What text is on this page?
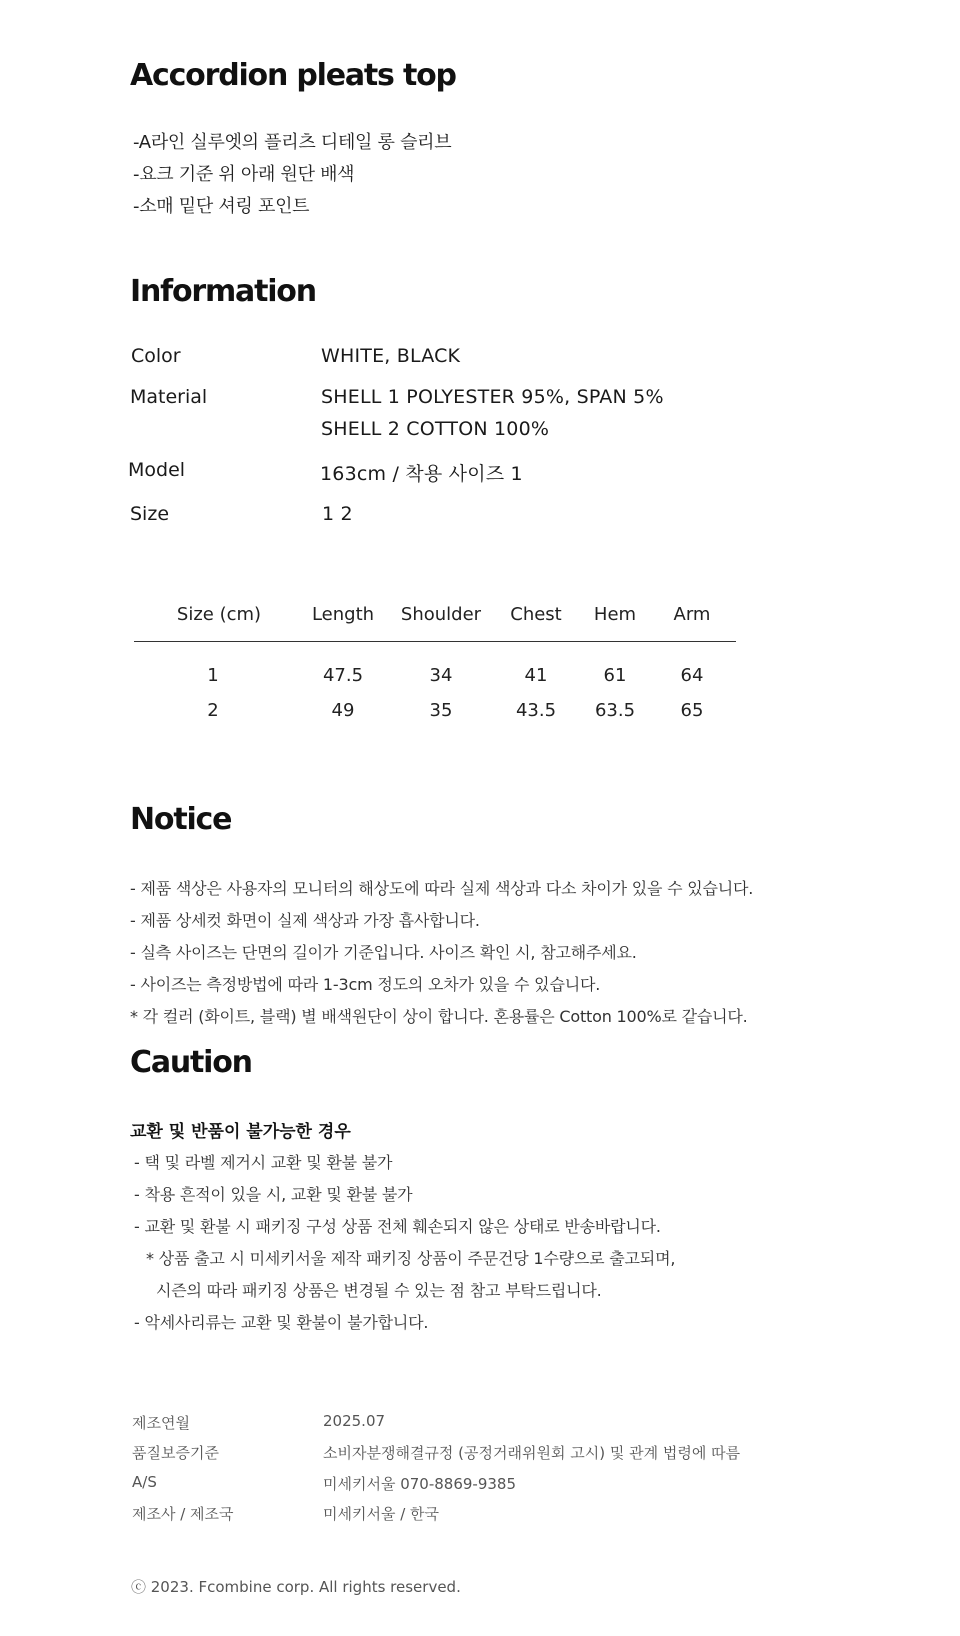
Accordion pleats top
-A라인 실루엣의 플리츠 디테일 롱 슬리브
-요크 기준 위 아래 원단 배색
-소매 밑단 셔링 포인트
Information
Color	WHITE, BLACK
Material	SHELL 1 POLYESTER 95%, SPAN 5%
SHELL 2 COTTON 100%
Model	163cm / 착용 사이즈 1
Size	1 2
Size (cm)	Length	Shoulder	Chest	Hem	Arm
1	47.5	34	41	61	64
2	49	35	43.5	63.5	65
Notice
- 제품 색상은 사용자의 모니터의 해상도에 따라 실제 색상과 다소 차이가 있을 수 있습니다.
- 제품 상세컷 화면이 실제 색상과 가장 흡사합니다.
- 실측 사이즈는 단면의 길이가 기준입니다. 사이즈 확인 시, 참고해주세요.
- 사이즈는 측정방법에 따라 1-3cm 정도의 오차가 있을 수 있습니다.
* 각 컬러 (화이트, 블랙) 별 배색원단이 상이 합니다. 혼용률은 Cotton 100%로 같습니다.
Caution
교환 및 반품이 불가능한 경우
- 택 및 라벨 제거시 교환 및 환불 불가
- 착용 흔적이 있을 시, 교환 및 환불 불가
- 교환 및 환불 시 패키징 구성 상품 전체 훼손되지 않은 상태로 반송바랍니다.
* 상품 출고 시 미세키서울 제작 패키징 상품이 주문건당 1수량으로 출고되며,
시즌의 따라 패키징 상품은 변경될 수 있는 점 참고 부탁드립니다.
- 악세사리류는 교환 및 환불이 불가합니다.
제조연월	2025.07
품질보증기준	소비자분쟁해결규정 (공정거래위원회 고시) 및 관계 법령에 따름
A/S	미세키서울 070-8869-9385
제조사 / 제조국	미세키서울 / 한국
ⓒ 2023. Fcombine corp. All rights reserved.
